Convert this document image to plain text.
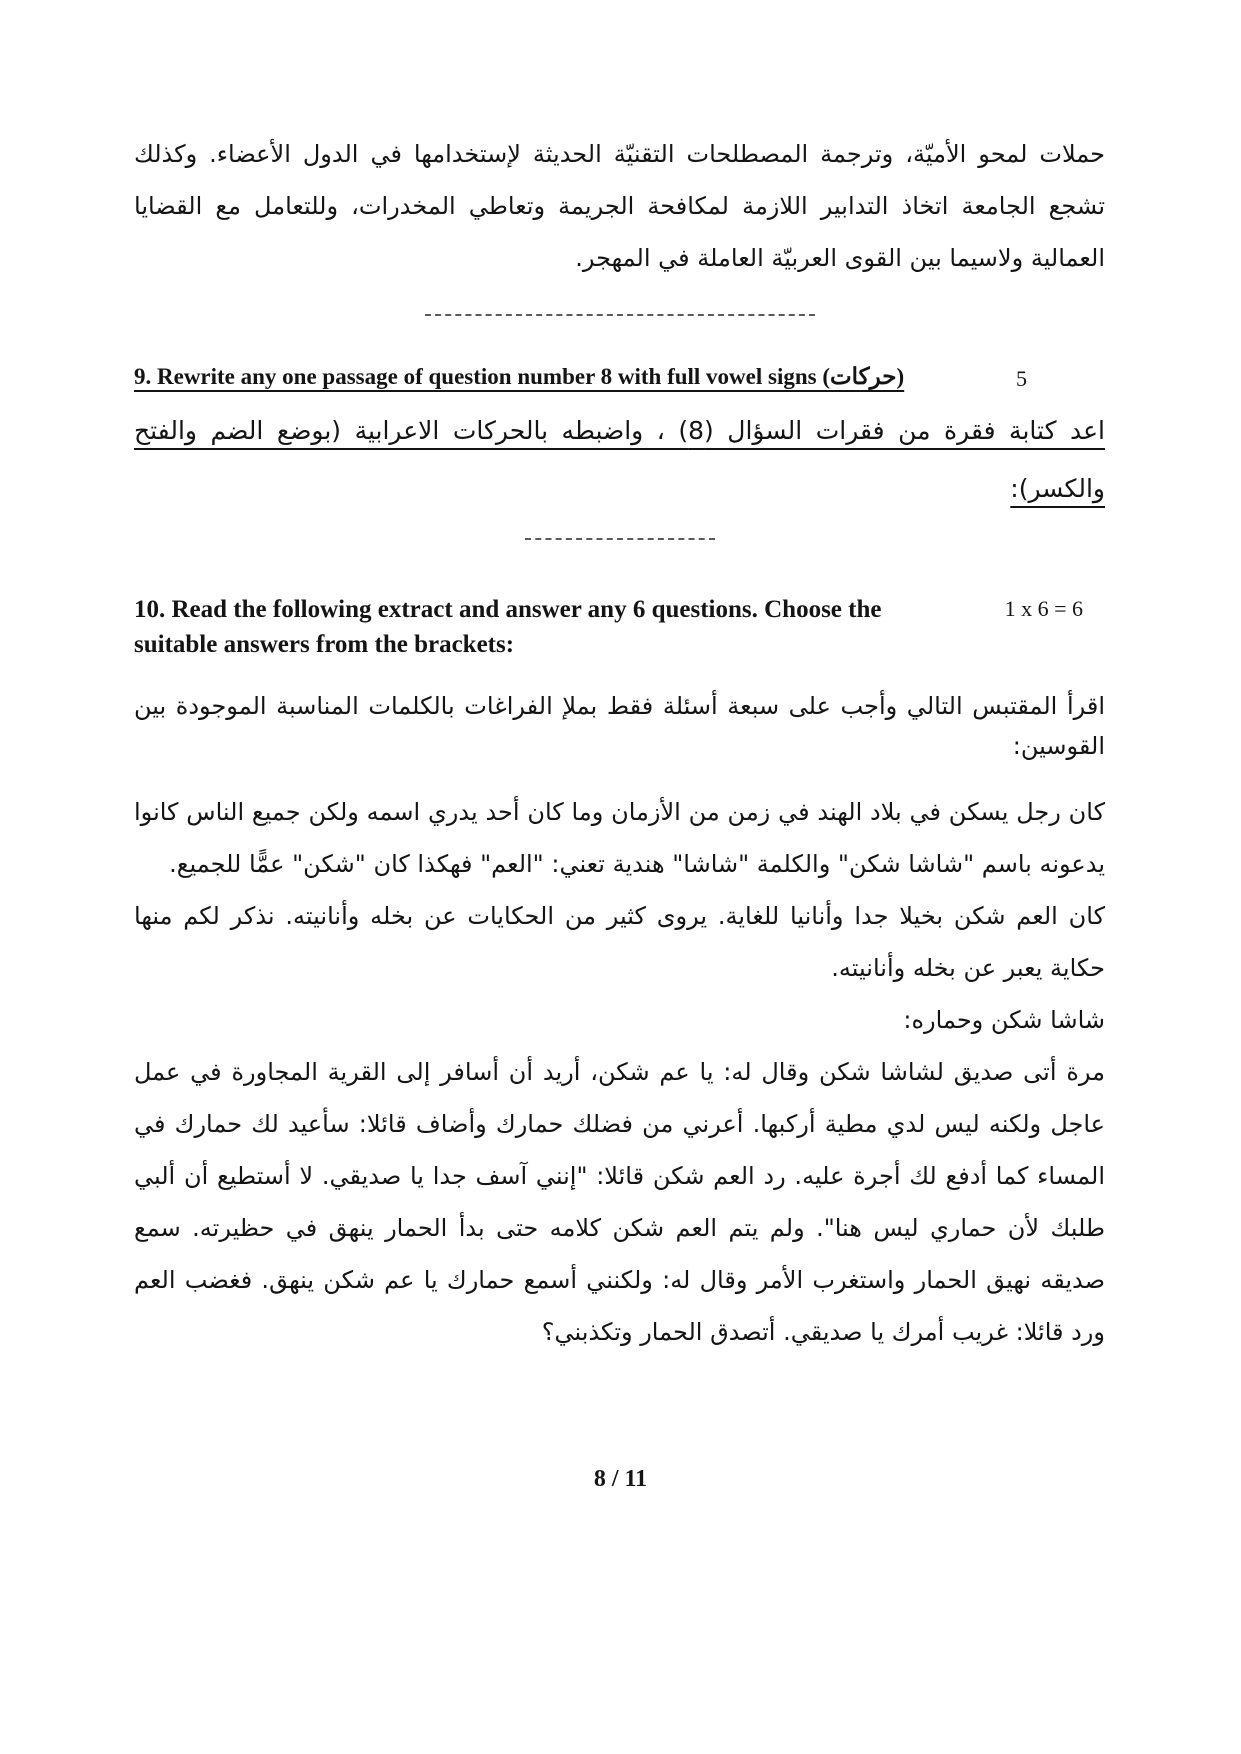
حملات لمحو الأميّة، وترجمة المصطلحات التقنيّة الحديثة لإستخدامها في الدول الأعضاء. وكذلك تشجع الجامعة اتخاذ التدابير اللازمة لمكافحة الجريمة وتعاطي المخدرات، وللتعامل مع القضايا العمالية ولاسيما بين القوى العربيّة العاملة في المهجر.
9. Rewrite any one passage of question number 8 with full vowel signs (حركات)	5
اعد كتابة فقرة من فقرات السؤال (8) ، واضبطه بالحركات الاعرابية (بوضع الضم والفتح والكسر):
10. Read the following extract and answer any 6 questions. Choose the suitable answers from the brackets:
1 x 6 = 6
اقرأ المقتبس التالي وأجب على سبعة أسئلة فقط بملإ الفراغات بالكلمات المناسبة الموجودة بين القوسين:

كان رجل يسكن في بلاد الهند في زمن من الأزمان وما كان أحد يدري اسمه ولكن جميع الناس كانوا يدعونه باسم "شاشا شكن" والكلمة "شاشا" هندية تعني: "العم" فهكذا كان "شكن" عمًّا للجميع.

كان العم شكن بخيلا جدا وأنانيا للغاية. يروى كثير من الحكايات عن بخله وأنانيته. نذكر لكم منها حكاية يعبر عن بخله وأنانيته.

شاشا شكن وحماره:

مرة أتى صديق لشاشا شكن وقال له: يا عم شكن، أريد أن أسافر إلى القرية المجاورة في عمل عاجل ولكنه ليس لدي مطية أركبها. أعرني من فضلك حمارك وأضاف قائلا: سأعيد لك حمارك في المساء كما أدفع لك أجرة عليه. رد العم شكن قائلا: "إنني آسف جدا يا صديقي. لا أستطيع أن ألبي طلبك لأن حماري ليس هنا". ولم يتم العم شكن كلامه حتى بدأ الحمار ينهق في حظيرته. سمع صديقه نهيق الحمار واستغرب الأمر وقال له: ولكنني أسمع حمارك يا عم شكن ينهق. فغضب العم ورد قائلا: غريب أمرك يا صديقي. أتصدق الحمار وتكذبني؟

8 / 11
